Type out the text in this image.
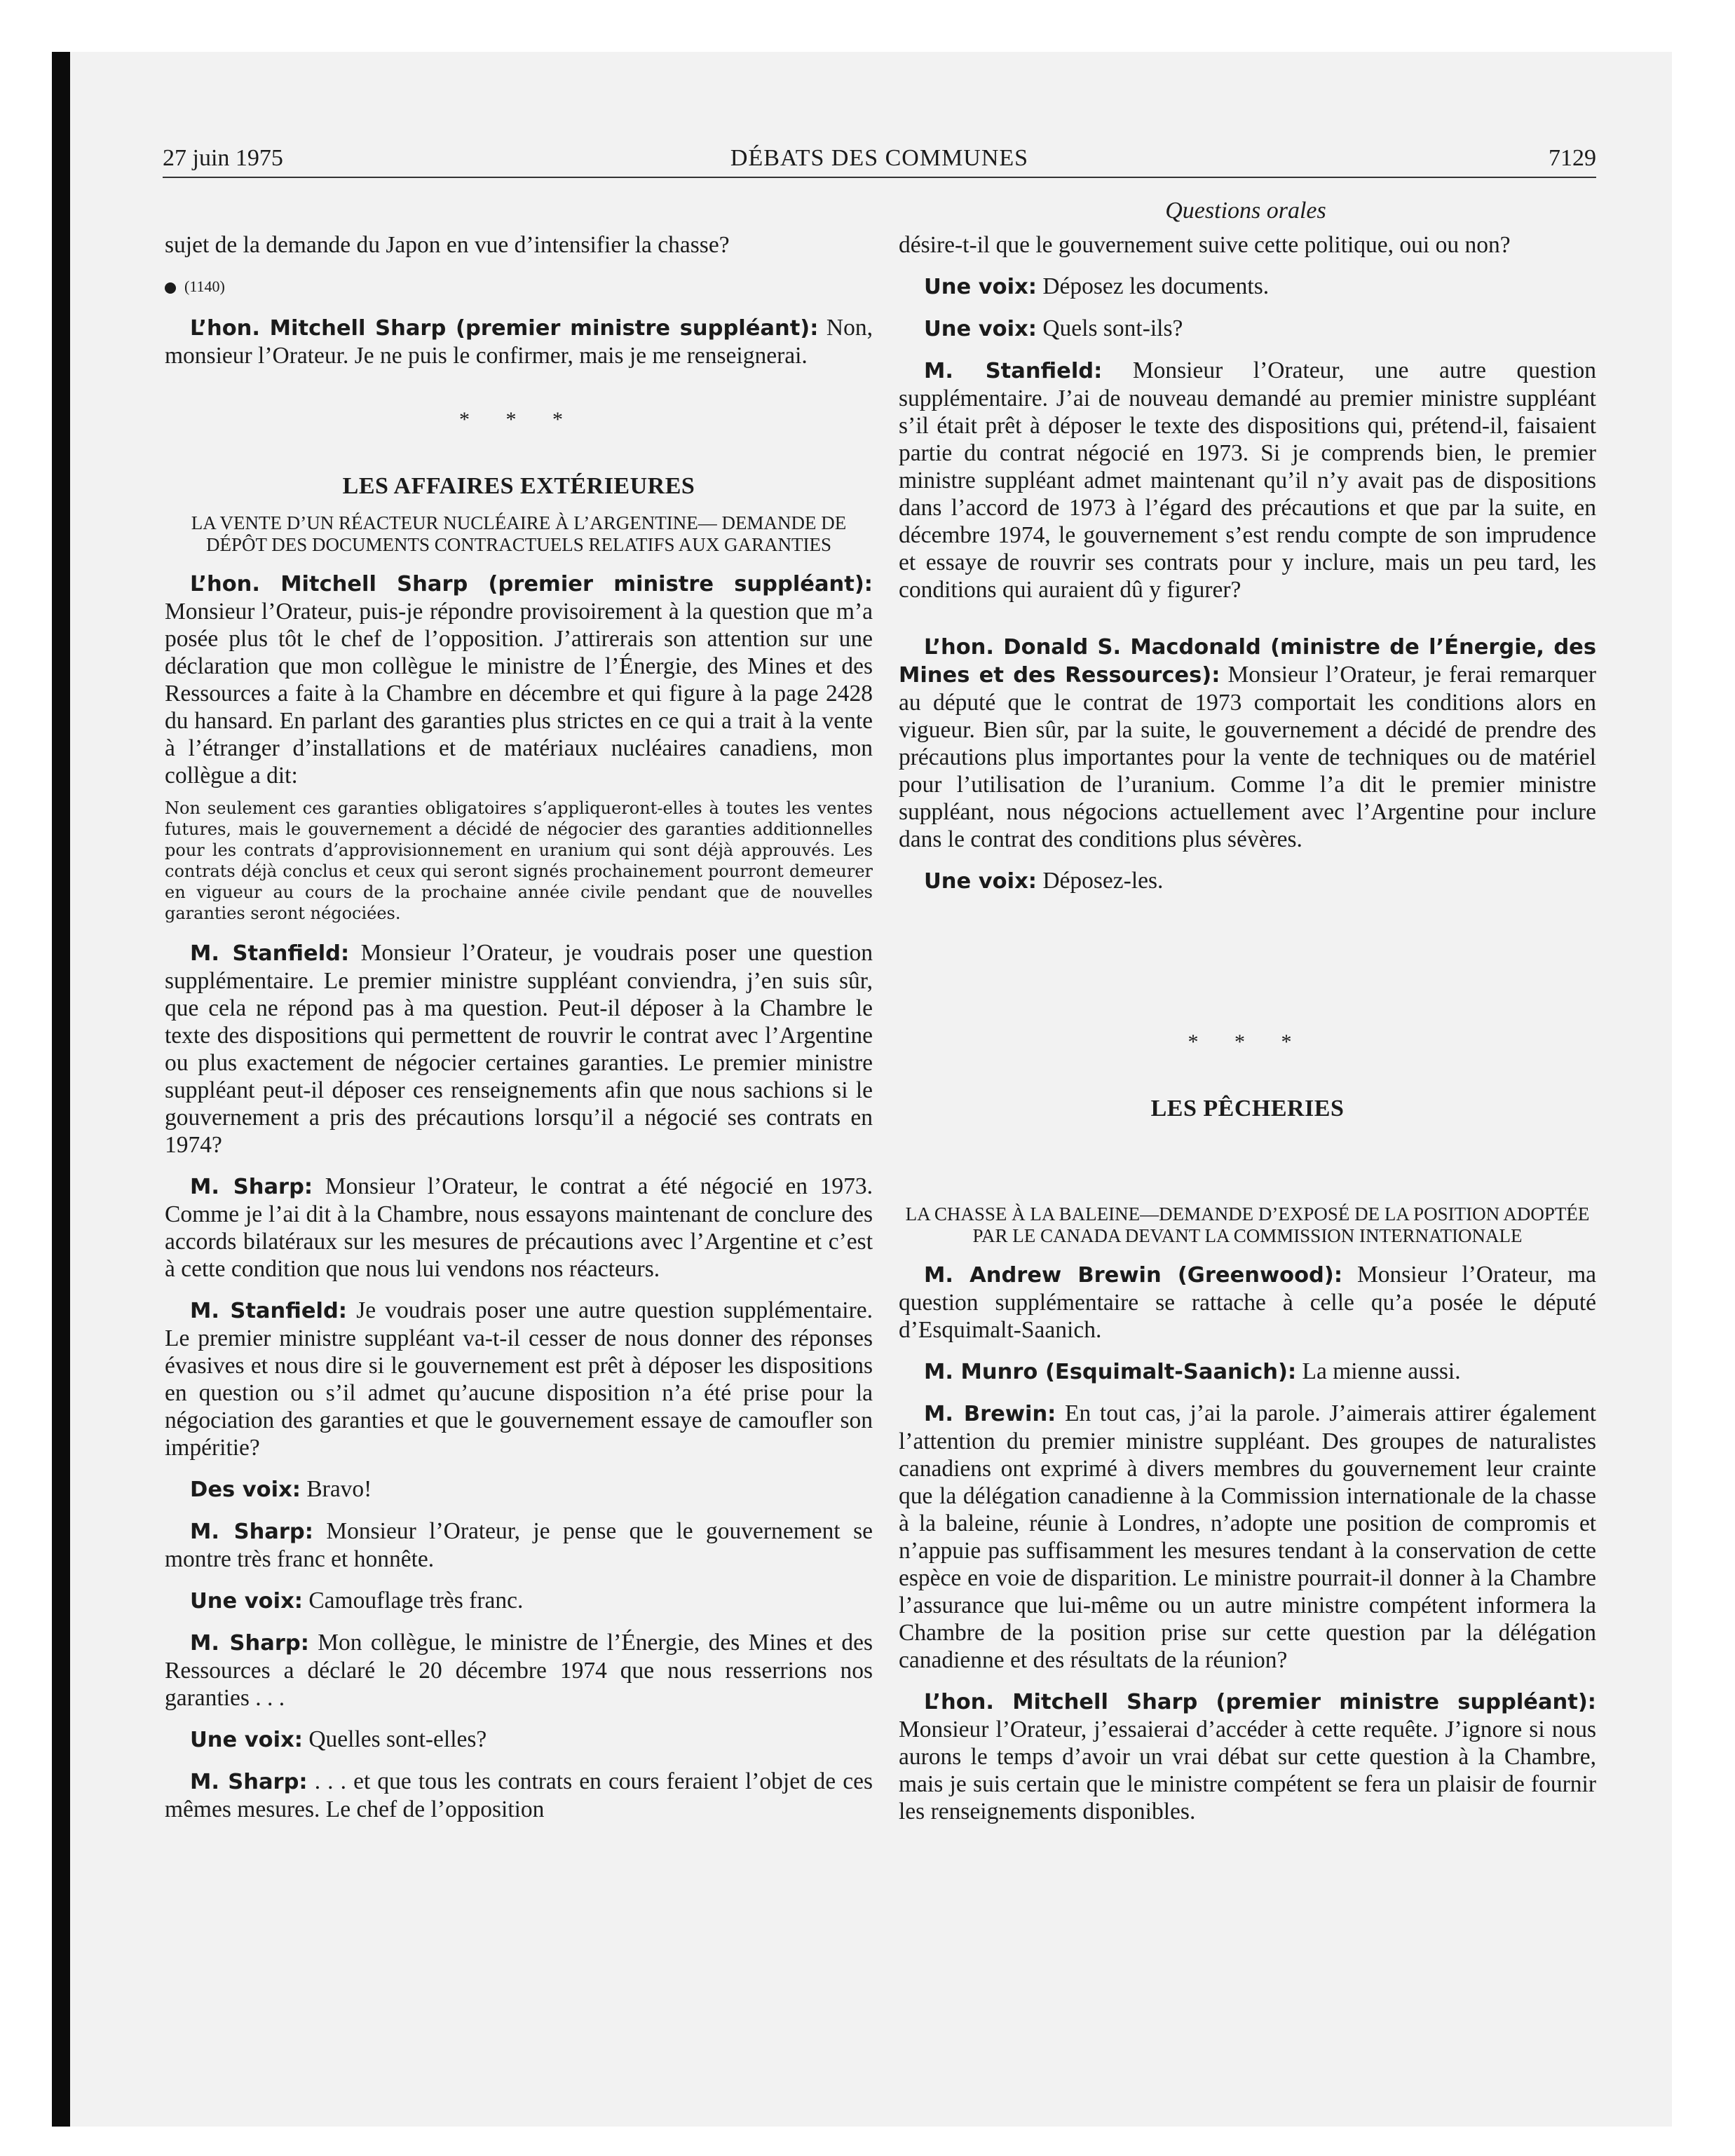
27 juin 1975	DÉBATS DES COMMUNES	7129
Questions orales

sujet de la demande du Japon en vue d’intensifier la chasse?

(1140)

L’hon. Mitchell Sharp (premier ministre suppléant): Non, monsieur l’Orateur. Je ne puis le confirmer, mais je me renseignerai.

* * *
LES AFFAIRES EXTÉRIEURES
LA VENTE D’UN RÉACTEUR NUCLÉAIRE À L’ARGENTINE— DEMANDE DE DÉPÔT DES DOCUMENTS CONTRACTUELS RELATIFS AUX GARANTIES

L’hon. Mitchell Sharp (premier ministre suppléant): Monsieur l’Orateur, puis-je répondre provisoirement à la question que m’a posée plus tôt le chef de l’opposition. J’attirerais son attention sur une déclaration que mon collègue le ministre de l’Énergie, des Mines et des Ressources a faite à la Chambre en décembre et qui figure à la page 2428 du hansard. En parlant des garanties plus strictes en ce qui a trait à la vente à l’étranger d’installations et de matériaux nucléaires canadiens, mon collègue a dit:

Non seulement ces garanties obligatoires s’appliqueront-elles à toutes les ventes futures, mais le gouvernement a décidé de négocier des garanties additionnelles pour les contrats d’approvisionnement en uranium qui sont déjà approuvés. Les contrats déjà conclus et ceux qui seront signés prochainement pourront demeurer en vigueur au cours de la prochaine année civile pendant que de nouvelles garanties seront négociées.

M. Stanfield: Monsieur l’Orateur, je voudrais poser une question supplémentaire. Le premier ministre suppléant conviendra, j’en suis sûr, que cela ne répond pas à ma question. Peut-il déposer à la Chambre le texte des dispositions qui permettent de rouvrir le contrat avec l’Argentine ou plus exactement de négocier certaines garanties. Le premier ministre suppléant peut-il déposer ces renseignements afin que nous sachions si le gouvernement a pris des précautions lorsqu’il a négocié ses contrats en 1974?

M. Sharp: Monsieur l’Orateur, le contrat a été négocié en 1973. Comme je l’ai dit à la Chambre, nous essayons maintenant de conclure des accords bilatéraux sur les mesures de précautions avec l’Argentine et c’est à cette condition que nous lui vendons nos réacteurs.

M. Stanfield: Je voudrais poser une autre question supplémentaire. Le premier ministre suppléant va-t-il cesser de nous donner des réponses évasives et nous dire si le gouvernement est prêt à déposer les dispositions en question ou s’il admet qu’aucune disposition n’a été prise pour la négociation des garanties et que le gouvernement essaye de camoufler son impéritie?

Des voix: Bravo!

M. Sharp: Monsieur l’Orateur, je pense que le gouvernement se montre très franc et honnête.

Une voix: Camouflage très franc.

M. Sharp: Mon collègue, le ministre de l’Énergie, des Mines et des Ressources a déclaré le 20 décembre 1974 que nous resserrions nos garanties . . .

Une voix: Quelles sont-elles?

M. Sharp: . . . et que tous les contrats en cours feraient l’objet de ces mêmes mesures. Le chef de l’opposition

désire-t-il que le gouvernement suive cette politique, oui ou non?

Une voix: Déposez les documents.

Une voix: Quels sont-ils?

M. Stanfield: Monsieur l’Orateur, une autre question supplémentaire. J’ai de nouveau demandé au premier ministre suppléant s’il était prêt à déposer le texte des dispositions qui, prétend-il, faisaient partie du contrat négocié en 1973. Si je comprends bien, le premier ministre suppléant admet maintenant qu’il n’y avait pas de dispositions dans l’accord de 1973 à l’égard des précautions et que par la suite, en décembre 1974, le gouvernement s’est rendu compte de son imprudence et essaye de rouvrir ses contrats pour y inclure, mais un peu tard, les conditions qui auraient dû y figurer?

L’hon. Donald S. Macdonald (ministre de l’Énergie, des Mines et des Ressources): Monsieur l’Orateur, je ferai remarquer au député que le contrat de 1973 comportait les conditions alors en vigueur. Bien sûr, par la suite, le gouvernement a décidé de prendre des précautions plus importantes pour la vente de techniques ou de matériel pour l’utilisation de l’uranium. Comme l’a dit le premier ministre suppléant, nous négocions actuellement avec l’Argentine pour inclure dans le contrat des conditions plus sévères.

Une voix: Déposez-les.

* * *
LES PÊCHERIES
LA CHASSE À LA BALEINE—DEMANDE D’EXPOSÉ DE LA POSITION ADOPTÉE PAR LE CANADA DEVANT LA COMMISSION INTERNATIONALE

M. Andrew Brewin (Greenwood): Monsieur l’Orateur, ma question supplémentaire se rattache à celle qu’a posée le député d’Esquimalt-Saanich.

M. Munro (Esquimalt-Saanich): La mienne aussi.

M. Brewin: En tout cas, j’ai la parole. J’aimerais attirer également l’attention du premier ministre suppléant. Des groupes de naturalistes canadiens ont exprimé à divers membres du gouvernement leur crainte que la délégation canadienne à la Commission internationale de la chasse à la baleine, réunie à Londres, n’adopte une position de compromis et n’appuie pas suffisamment les mesures tendant à la conservation de cette espèce en voie de disparition. Le ministre pourrait-il donner à la Chambre l’assurance que lui-même ou un autre ministre compétent informera la Chambre de la position prise sur cette question par la délégation canadienne et des résultats de la réunion?

L’hon. Mitchell Sharp (premier ministre suppléant): Monsieur l’Orateur, j’essaierai d’accéder à cette requête. J’ignore si nous aurons le temps d’avoir un vrai débat sur cette question à la Chambre, mais je suis certain que le ministre compétent se fera un plaisir de fournir les renseignements disponibles.
